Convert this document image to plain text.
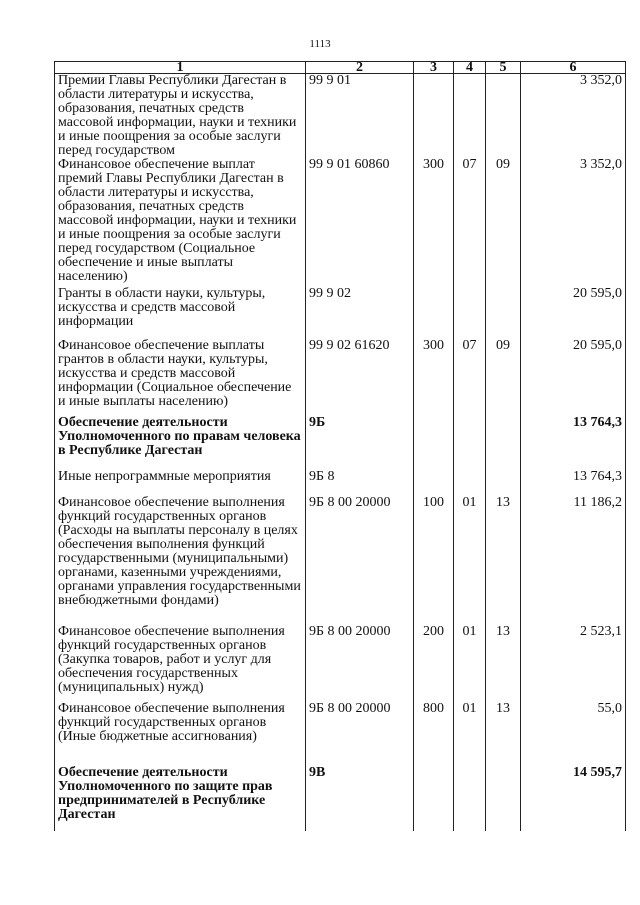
1113
1	2	3	4	5	6
Премии Главы Республики Дагестан в области литературы и искусства, образования, печатных средств массовой информации, науки и техники и иные поощрения за особые заслуги перед государством	99 9 01				3 352,0
Финансовое обеспечение выплат премий Главы Республики Дагестан в области литературы и искусства, образования, печатных средств массовой информации, науки и техники и иные поощрения за особые заслуги перед государством (Социальное обеспечение и иные выплаты населению)	99 9 01 60860	300	07	09	3 352,0
Гранты в области науки, культуры, искусства и средств массовой информации	99 9 02				20 595,0
Финансовое обеспечение выплаты грантов в области науки, культуры, искусства и средств массовой информации (Социальное обеспечение и иные выплаты населению)	99 9 02 61620	300	07	09	20 595,0
Обеспечение деятельности Уполномоченного по правам человека в Республике Дагестан	9Б				13 764,3
Иные непрограммные мероприятия	9Б 8				13 764,3
Финансовое обеспечение выполнения функций государственных органов (Расходы на выплаты персоналу в целях обеспечения выполнения функций государственными (муниципальными) органами, казенными учреждениями, органами управления государственными внебюджетными фондами)	9Б 8 00 20000	100	01	13	11 186,2
Финансовое обеспечение выполнения функций государственных органов (Закупка товаров, работ и услуг для обеспечения государственных (муниципальных) нужд)	9Б 8 00 20000	200	01	13	2 523,1
Финансовое обеспечение выполнения функций государственных органов (Иные бюджетные ассигнования)	9Б 8 00 20000	800	01	13	55,0
Обеспечение деятельности Уполномоченного по защите прав предпринимателей в Республике Дагестан	9В				14 595,7
